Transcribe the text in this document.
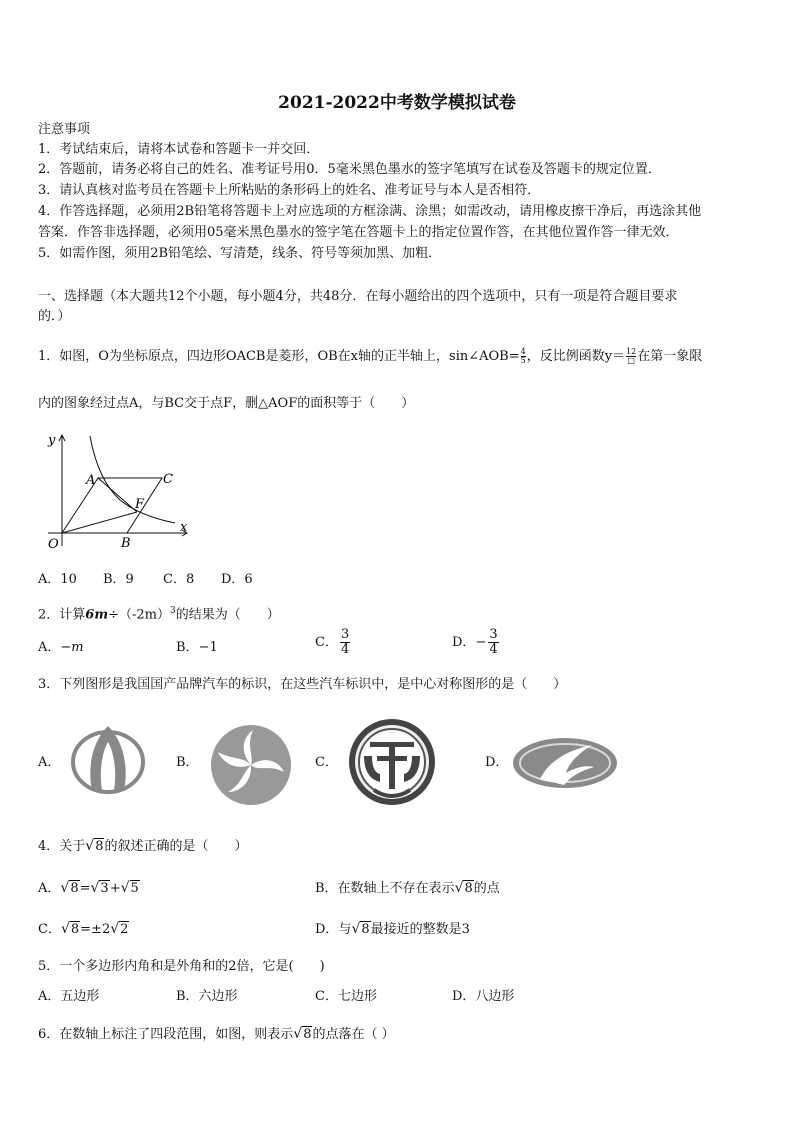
2021-2022中考数学模拟试卷
注意事项
1．考试结束后，请将本试卷和答题卡一并交回．
2．答题前，请务必将自己的姓名、准考证号用0．5毫米黑色墨水的签字笔填写在试卷及答题卡的规定位置．
3．请认真核对监考员在答题卡上所粘贴的条形码上的姓名、准考证号与本人是否相符．
4．作答选择题，必须用2B铅笔将答题卡上对应选项的方框涂满、涂黑；如需改动，请用橡皮擦干净后，再选涂其他
答案．作答非选择题，必须用05毫米黑色墨水的签字笔在答题卡上的指定位置作答，在其他位置作答一律无效．
5．如需作图，须用2B铅笔绘、写清楚，线条、符号等须加黑、加粗．
一、选择题（本大题共12个小题，每小题4分，共48分．在每小题给出的四个选项中，只有一项是符合题目要求
的．）
1．如图，O为坐标原点，四边形OACB是菱形，OB在x轴的正半轴上，sin∠AOB= $\frac{4}{5}$ ，反比例函数$y= \frac{12}{□}$ 在第一象限
内的图象经过点A，与BC交于点F，删△AOF的面积等于（　　）
y
x
O
A	C
F
B
A．10 B．9 C．8 D．6
2．计算$6m\div(-2m)^3$的结果为（　　）
A．−m	B．−1	C． $\frac{3}{4}$	D．− $\frac{3}{4}$
3．下列图形是我国国产品牌汽车的标识，在这些汽车标识中，是中心对称图形的是（　　）
A．	B．	C．	D．
4．关于√8的叙述正确的是（　　）
A．√8=√3+√5	B．在数轴上不存在表示√8的点
C．√8=±2√2	D．与√8最接近的整数是3
5．一个多边形内角和是外角和的2倍，它是(　　)
A．五边形	B．六边形	C．七边形	D．八边形
6．在数轴上标注了四段范围，如图，则表示√8的点落在（ ）
